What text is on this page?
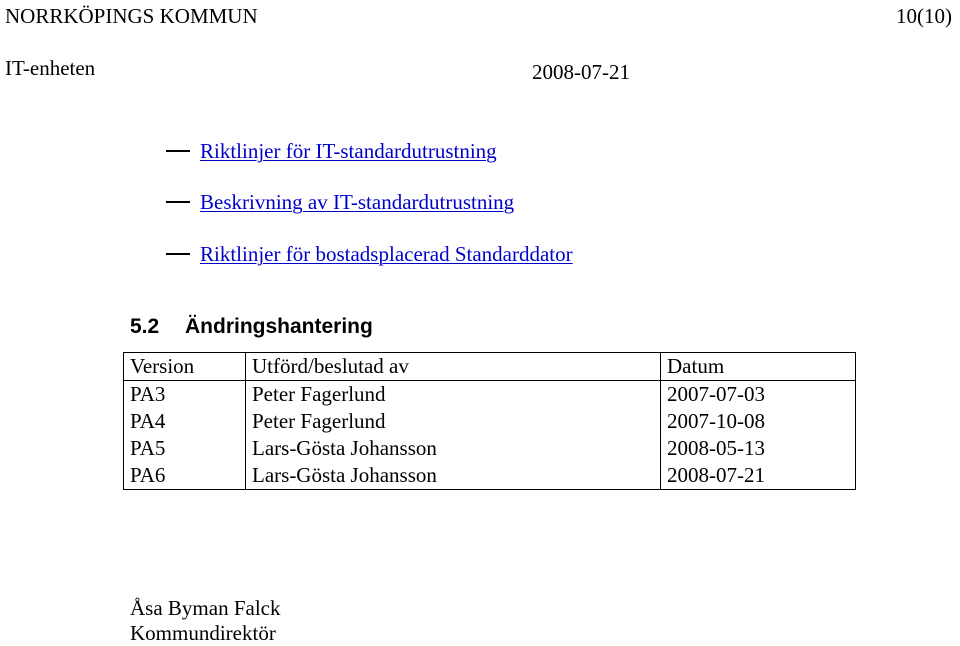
NORRKÖPINGS KOMMUN	10(10)
IT-enheten	2008-07-21
Riktlinjer för IT-standardutrustning
Beskrivning av IT-standardutrustning
Riktlinjer för bostadsplacerad Standarddator
5.2 Ändringshantering
Version	Utförd/beslutad av	Datum
PA3	Peter Fagerlund	2007-07-03
PA4	Peter Fagerlund	2007-10-08
PA5	Lars-Gösta Johansson	2008-05-13
PA6	Lars-Gösta Johansson	2008-07-21
Åsa Byman Falck
Kommundirektör
